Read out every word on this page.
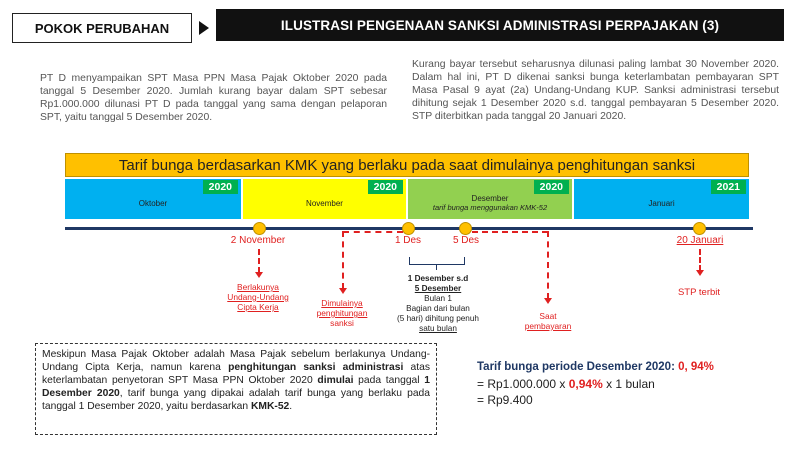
POKOK PERUBAHAN	ILUSTRASI PENGENAAN SANKSI ADMINISTRASI PERPAJAKAN (3)
PT D menyampaikan SPT Masa PPN Masa Pajak Oktober 2020 pada tanggal 5 Desember 2020. Jumlah kurang bayar dalam SPT sebesar Rp1.000.000 dilunasi PT D pada tanggal yang sama dengan pelaporan SPT, yaitu tanggal 5 Desember 2020.
Kurang bayar tersebut seharusnya dilunasi paling lambat 30 November 2020. Dalam hal ini, PT D dikenai sanksi bunga keterlambatan pembayaran SPT Masa Pasal 9 ayat (2a) Undang-Undang KUP. Sanksi administrasi tersebut dihitung sejak 1 Desember 2020 s.d. tanggal pembayaran 5 Desember 2020. STP diterbitkan pada tanggal 20 Januari 2020.
Tarif bunga berdasarkan KMK yang berlaku pada saat dimulainya penghitungan sanksi
2020
Oktober
2020
November
2020
Desember
tarif bunga menggunakan KMK-52
2021
Januari
2 November	1 Des	5 Des	20 Januari
Berlakunya
Undang-Undang
Cipta Kerja	Dimulainya
penghitungan
sanksi
Saat
pembayaran
STP terbit
1 Desember s.d
5 Desember
Bulan 1
Bagian dari bulan
(5 hari) dihitung penuh
satu bulan
Meskipun Masa Pajak Oktober adalah Masa Pajak sebelum berlakunya Undang-Undang Cipta Kerja, namun karena penghitungan sanksi administrasi atas keterlambatan penyetoran SPT Masa PPN Oktober 2020 dimulai pada tanggal 1 Desember 2020, tarif bunga yang dipakai adalah tarif bunga yang berlaku pada tanggal 1 Desember 2020, yaitu berdasarkan KMK-52.
Tarif bunga periode Desember 2020: 0, 94%
= Rp1.000.000 x 0,94% x 1 bulan
= Rp9.400
